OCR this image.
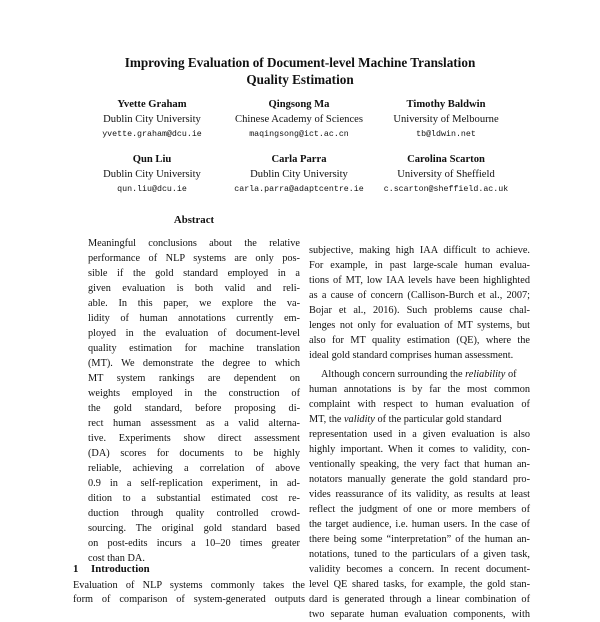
Improving Evaluation of Document-level Machine Translation
Quality Estimation
Yvette Graham
Dublin City University
yvette.graham@dcu.ie
Qingsong Ma
Chinese Academy of Sciences
maqingsong@ict.ac.cn
Timothy Baldwin
University of Melbourne
tb@ldwin.net
Qun Liu
Dublin City University
qun.liu@dcu.ie
Carla Parra
Dublin City University
carla.parra@adaptcentre.ie
Carolina Scarton
University of Sheffield
c.scarton@sheffield.ac.uk
Abstract
Meaningful conclusions about the relative
performance of NLP systems are only pos-
sible if the gold standard employed in a
given evaluation is both valid and reli-
able. In this paper, we explore the va-
lidity of human annotations currently em-
ployed in the evaluation of document-level
quality estimation for machine translation
(MT). We demonstrate the degree to which
MT system rankings are dependent on
weights employed in the construction of
the gold standard, before proposing di-
rect human assessment as a valid alterna-
tive. Experiments show direct assessment
(DA) scores for documents to be highly
reliable, achieving a correlation of above
0.9 in a self-replication experiment, in ad-
dition to a substantial estimated cost re-
duction through quality controlled crowd-
sourcing. The original gold standard based
on post-edits incurs a 10–20 times greater
cost than DA.
1 Introduction
Evaluation of NLP systems commonly takes the
form of comparison of system-generated outputs
subjective, making high IAA difficult to achieve.
For example, in past large-scale human evalua-
tions of MT, low IAA levels have been highlighted
as a cause of concern (Callison-Burch et al., 2007;
Bojar et al., 2016). Such problems cause chal-
lenges not only for evaluation of MT systems, but
also for MT quality estimation (QE), where the
ideal gold standard comprises human assessment.
Although concern surrounding the reliability of
human annotations is by far the most common
complaint with respect to human evaluation of
MT, the validity of the particular gold standard
representation used in a given evaluation is also
highly important. When it comes to validity, con-
ventionally speaking, the very fact that human an-
notators manually generate the gold standard pro-
vides reassurance of its validity, as results at least
reflect the judgment of one or more members of
the target audience, i.e. human users. In the case of
there being some “interpretation” of the human an-
notations, tuned to the particulars of a given task,
validity becomes a concern. In recent document-
level QE shared tasks, for example, the gold stan-
dard is generated through a linear combination of
two separate human evaluation components, with
